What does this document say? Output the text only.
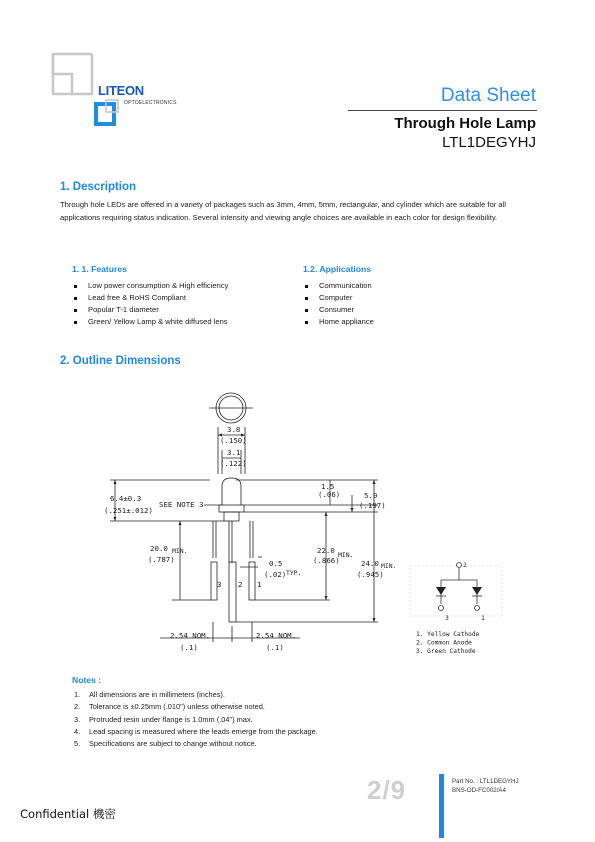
LITEON
OPTOELECTRONICS	Data Sheet
Through Hole Lamp
LTL1DEGYHJ
1. Description
Through hole LEDs are offered in a variety of packages such as 3mm, 4mm, 5mm, rectangular, and cylinder which are suitable for all applications requiring status indication. Several intensity and viewing angle choices are available in each color for design flexibility.
1. 1. Features
Low power consumption & High efficiency
Lead free & RoHS Compliant
Popular T-1 diameter
Green/ Yellow Lamp & white diffused lens
1.2. Applications
Communication
Computer
Consumer
Home appliance
2. Outline Dimensions
3.8
(.150)
3.1
(.122)
6.4±0.3
(.251±.012)
SEE NOTE 3
1.5
(.06)	5.0
(.197)
20.0 MIN.
(.787)	0.5
TYP.
(.02)
22.0 MIN.
(.866)	24.0 MIN.
(.945)
3 2 1
2.54 NOM.
(.1)
2.54 NOM.
(.1)
2
3	1
1. Yellow Cathode
2. Common Anode
3. Green Cathode
Notes :
1. All dimensions are in millimeters (inches).
2. Tolerance is ±0.25mm (.010") unless otherwise noted.
3. Protruded resin under flange is 1.0mm (.04") max.
4. Lead spacing is measured where the leads emerge from the package.
5. Specifications are subject to change without notice.
2/9	Part No. : LTL1DEGYHJ
BNS-OD-FC002/A4
Confidential 機密
